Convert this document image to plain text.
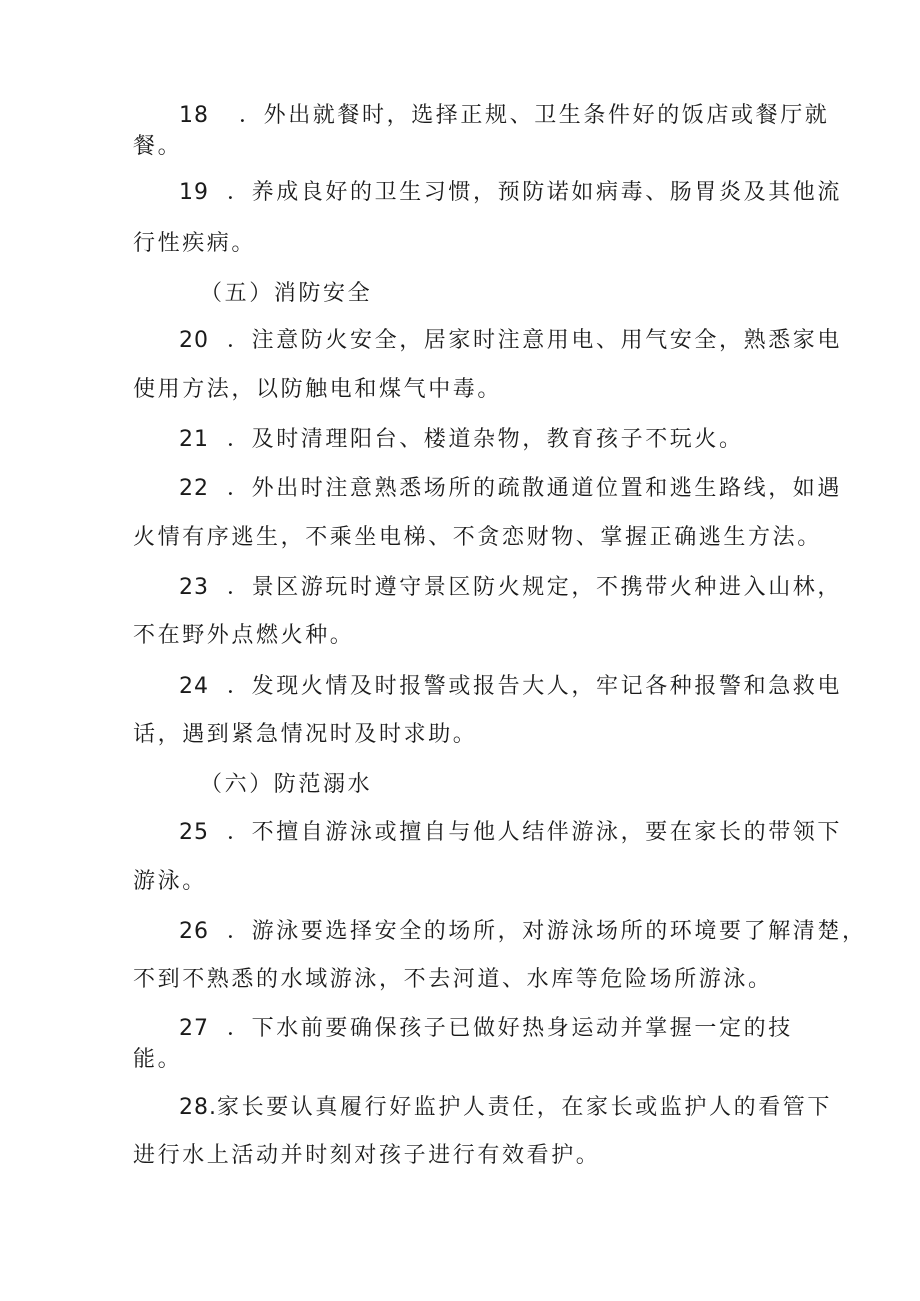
18 ．外出就餐时，选择正规、卫生条件好的饭店或餐厅就
餐。
19 ．养成良好的卫生习惯，预防诺如病毒、肠胃炎及其他流
行性疾病。
（五）消防安全
20 ．注意防火安全，居家时注意用电、用气安全，熟悉家电
使用方法，以防触电和煤气中毒。
21 ．及时清理阳台、楼道杂物，教育孩子不玩火。
22 ．外出时注意熟悉场所的疏散通道位置和逃生路线，如遇
火情有序逃生，不乘坐电梯、不贪恋财物、掌握正确逃生方法。
23 ．景区游玩时遵守景区防火规定，不携带火种进入山林，
不在野外点燃火种。
24 ．发现火情及时报警或报告大人，牢记各种报警和急救电
话，遇到紧急情况时及时求助。
（六）防范溺水
25 ．不擅自游泳或擅自与他人结伴游泳，要在家长的带领下
游泳。
26 ．游泳要选择安全的场所，对游泳场所的环境要了解清楚，
不到不熟悉的水域游泳，不去河道、水库等危险场所游泳。
27 ．下水前要确保孩子已做好热身运动并掌握一定的技
能。
28.家长要认真履行好监护人责任，在家长或监护人的看管下
进行水上活动并时刻对孩子进行有效看护。
